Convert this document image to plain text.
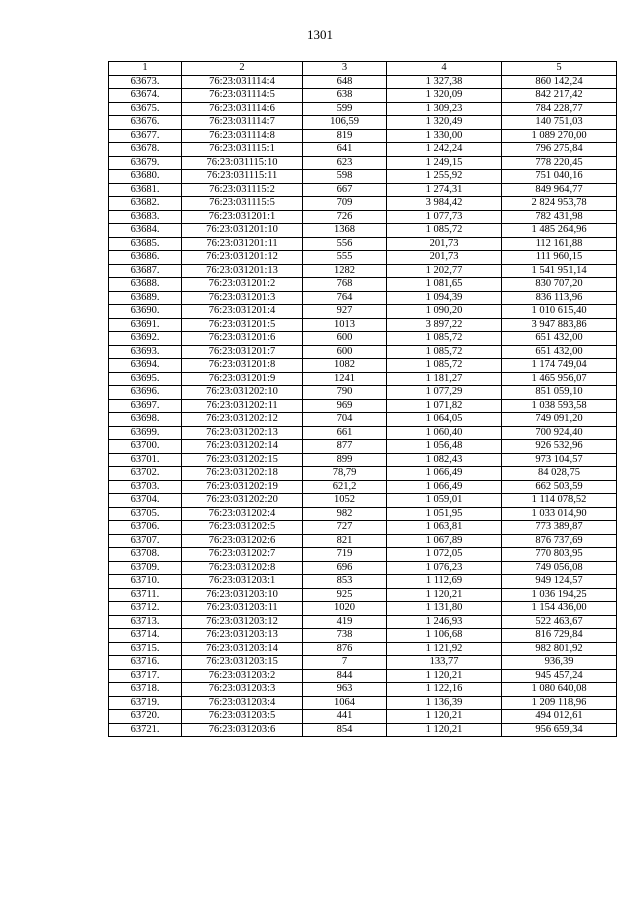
1301
1	2	3	4	5
63673.	76:23:031114:4	648	1 327,38	860 142,24
63674.	76:23:031114:5	638	1 320,09	842 217,42
63675.	76:23:031114:6	599	1 309,23	784 228,77
63676.	76:23:031114:7	106,59	1 320,49	140 751,03
63677.	76:23:031114:8	819	1 330,00	1 089 270,00
63678.	76:23:031115:1	641	1 242,24	796 275,84
63679.	76:23:031115:10	623	1 249,15	778 220,45
63680.	76:23:031115:11	598	1 255,92	751 040,16
63681.	76:23:031115:2	667	1 274,31	849 964,77
63682.	76:23:031115:5	709	3 984,42	2 824 953,78
63683.	76:23:031201:1	726	1 077,73	782 431,98
63684.	76:23:031201:10	1368	1 085,72	1 485 264,96
63685.	76:23:031201:11	556	201,73	112 161,88
63686.	76:23:031201:12	555	201,73	111 960,15
63687.	76:23:031201:13	1282	1 202,77	1 541 951,14
63688.	76:23:031201:2	768	1 081,65	830 707,20
63689.	76:23:031201:3	764	1 094,39	836 113,96
63690.	76:23:031201:4	927	1 090,20	1 010 615,40
63691.	76:23:031201:5	1013	3 897,22	3 947 883,86
63692.	76:23:031201:6	600	1 085,72	651 432,00
63693.	76:23:031201:7	600	1 085,72	651 432,00
63694.	76:23:031201:8	1082	1 085,72	1 174 749,04
63695.	76:23:031201:9	1241	1 181,27	1 465 956,07
63696.	76:23:031202:10	790	1 077,29	851 059,10
63697.	76:23:031202:11	969	1 071,82	1 038 593,58
63698.	76:23:031202:12	704	1 064,05	749 091,20
63699.	76:23:031202:13	661	1 060,40	700 924,40
63700.	76:23:031202:14	877	1 056,48	926 532,96
63701.	76:23:031202:15	899	1 082,43	973 104,57
63702.	76:23:031202:18	78,79	1 066,49	84 028,75
63703.	76:23:031202:19	621,2	1 066,49	662 503,59
63704.	76:23:031202:20	1052	1 059,01	1 114 078,52
63705.	76:23:031202:4	982	1 051,95	1 033 014,90
63706.	76:23:031202:5	727	1 063,81	773 389,87
63707.	76:23:031202:6	821	1 067,89	876 737,69
63708.	76:23:031202:7	719	1 072,05	770 803,95
63709.	76:23:031202:8	696	1 076,23	749 056,08
63710.	76:23:031203:1	853	1 112,69	949 124,57
63711.	76:23:031203:10	925	1 120,21	1 036 194,25
63712.	76:23:031203:11	1020	1 131,80	1 154 436,00
63713.	76:23:031203:12	419	1 246,93	522 463,67
63714.	76:23:031203:13	738	1 106,68	816 729,84
63715.	76:23:031203:14	876	1 121,92	982 801,92
63716.	76:23:031203:15	7	133,77	936,39
63717.	76:23:031203:2	844	1 120,21	945 457,24
63718.	76:23:031203:3	963	1 122,16	1 080 640,08
63719.	76:23:031203:4	1064	1 136,39	1 209 118,96
63720.	76:23:031203:5	441	1 120,21	494 012,61
63721.	76:23:031203:6	854	1 120,21	956 659,34
